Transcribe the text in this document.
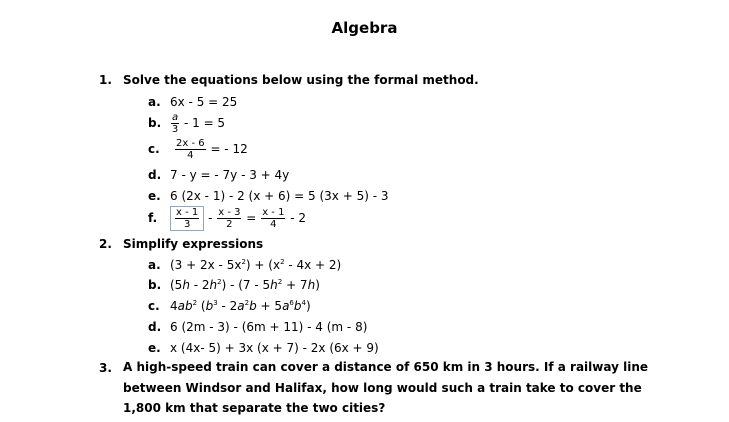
Algebra
1. Solve the equations below using the formal method.
a. 6x - 5 = 25
b. $\frac{a}{3} - 1 = 5$
c. $\frac{2x - 6}{4}$ = - 12
d. 7 - y = - 7y - 3 + 4y
e. 6 (2x - 1) - 2 (x + 6) = 5 (3x + 5) - 3
f. $\frac{x - 1}{3} - \frac{x - 3}{2} = \frac{x - 1}{4} - 2$
2. Simplify expressions
a. $(3 + 2x - 5x^2) + (x^2 - 4x + 2)$
b. $(5h - 2h^2) - (7 - 5h^2 + 7h)$
c. $4ab^2$ $(b^3 - 2a^2b + 5a^6b^4)$
d. 6 (2m - 3) - (6m + 11) - 4 (m - 8)
e. x (4x- 5) + 3x (x + 7) - 2x (6x + 9)
3. A high-speed train can cover a distance of 650 km in 3 hours. If a railway line between Windsor and Halifax, how long would such a train take to cover the 1,800 km that separate the two cities?
